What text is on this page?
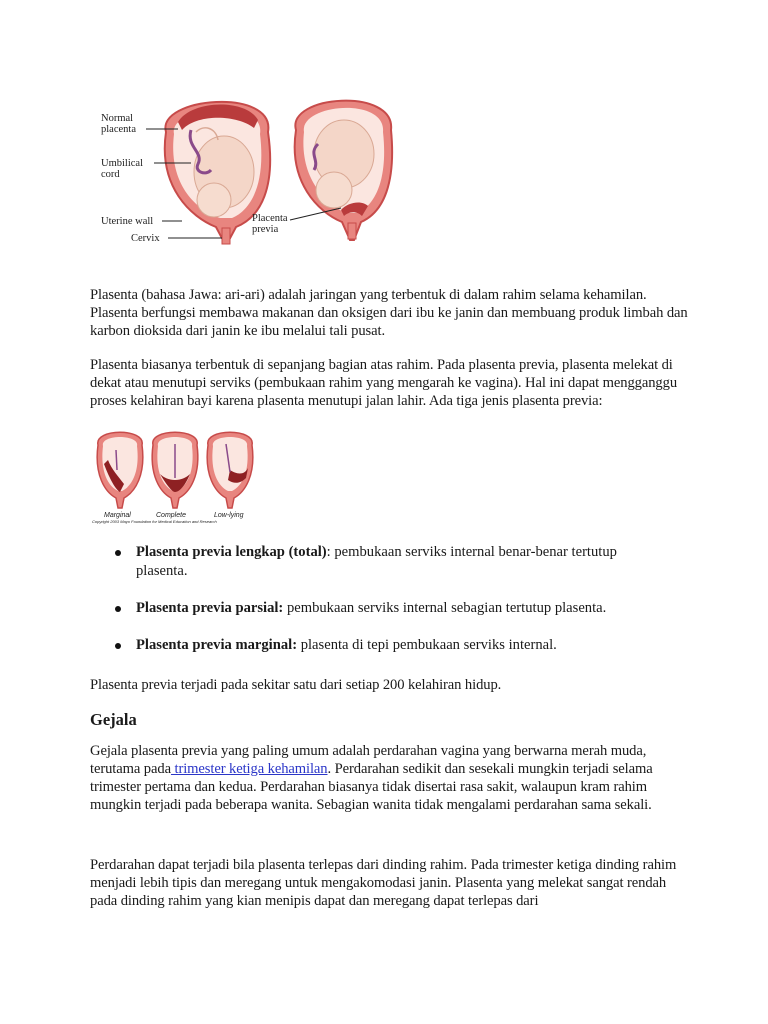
Normal
placenta
Umbilical
cord
Uterine wall
Cervix
Placenta
previa

Plasenta (bahasa Jawa: ari-ari) adalah jaringan yang terbentuk di dalam rahim selama kehamilan. Plasenta berfungsi membawa makanan dan oksigen dari ibu ke janin dan membuang produk limbah dan karbon dioksida dari janin ke ibu melalui tali pusat.

Plasenta biasanya terbentuk di sepanjang bagian atas rahim. Pada plasenta previa, plasenta melekat di dekat atau menutupi serviks (pembukaan rahim yang mengarah ke vagina). Hal ini dapat mengganggu proses kelahiran bayi karena plasenta menutupi jalan lahir. Ada tiga jenis plasenta previa:

Marginal	Complete	Low-lying
Copyright 2003 Mayo Foundation for Medical Education and Research
Plasenta previa lengkap (total): pembukaan serviks internal benar-benar tertutup plasenta.
Plasenta previa parsial: pembukaan serviks internal sebagian tertutup plasenta.
Plasenta previa marginal: plasenta di tepi pembukaan serviks internal.

Plasenta previa terjadi pada sekitar satu dari setiap 200 kelahiran hidup.

Gejala

Gejala plasenta previa yang paling umum adalah perdarahan vagina yang berwarna merah muda, terutama pada trimester ketiga kehamilan. Perdarahan sedikit dan sesekali mungkin terjadi selama trimester pertama dan kedua. Perdarahan biasanya tidak disertai rasa sakit, walaupun kram rahim mungkin terjadi pada beberapa wanita. Sebagian wanita tidak mengalami perdarahan sama sekali.

Perdarahan dapat terjadi bila plasenta terlepas dari dinding rahim. Pada trimester ketiga dinding rahim menjadi lebih tipis dan meregang untuk mengakomodasi janin. Plasenta yang melekat sangat rendah pada dinding rahim yang kian menipis dapat dan meregang dapat terlepas dari
